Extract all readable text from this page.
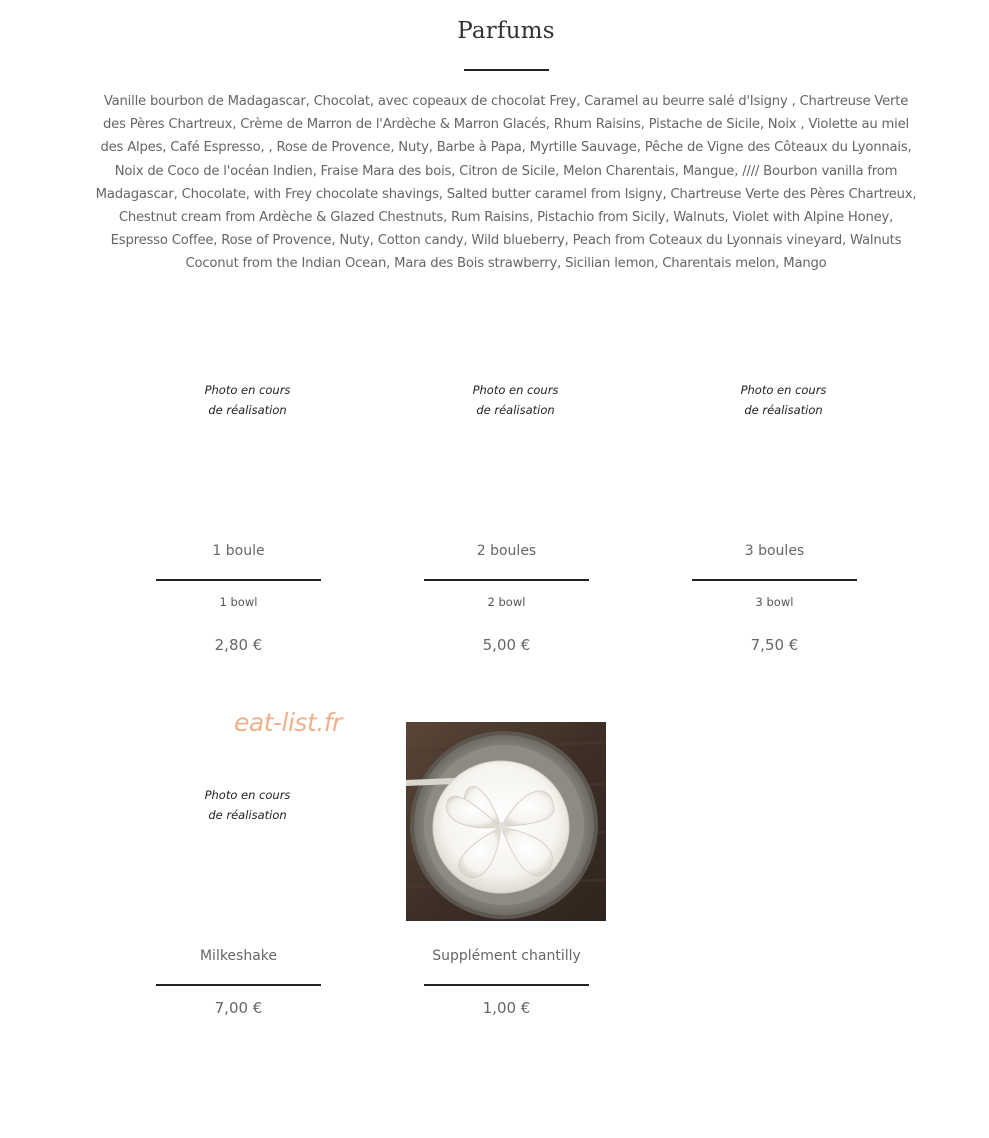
Parfums
Vanille bourbon de Madagascar, Chocolat, avec copeaux de chocolat Frey, Caramel au beurre salé d'Isigny , Chartreuse Verte des Pères Chartreux, Crème de Marron de l'Ardèche & Marron Glacés, Rhum Raisins, Pistache de Sicile, Noix , Violette au miel des Alpes, Café Espresso, , Rose de Provence, Nuty, Barbe à Papa, Myrtille Sauvage, Pêche de Vigne des Côteaux du Lyonnais, Noix de Coco de l'océan Indien, Fraise Mara des bois, Citron de Sicile, Melon Charentais, Mangue, //// Bourbon vanilla from Madagascar, Chocolate, with Frey chocolate shavings, Salted butter caramel from Isigny, Chartreuse Verte des Pères Chartreux, Chestnut cream from Ardèche & Glazed Chestnuts, Rum Raisins, Pistachio from Sicily, Walnuts, Violet with Alpine Honey, Espresso Coffee, Rose of Provence, Nuty, Cotton candy, Wild blueberry, Peach from Coteaux du Lyonnais vineyard, Walnuts Coconut from the Indian Ocean, Mara des Bois strawberry, Sicilian lemon, Charentais melon, Mango
Photo en cours
de réalisation
1 boule
1 bowl
2,80 €
Photo en cours
de réalisation
2 boules
2 bowl
5,00 €
Photo en cours
de réalisation
3 boules
3 bowl
7,50 €
eat-list.fr
Photo en cours
de réalisation
Milkeshake
7,00 €
Supplément chantilly
1,00 €
